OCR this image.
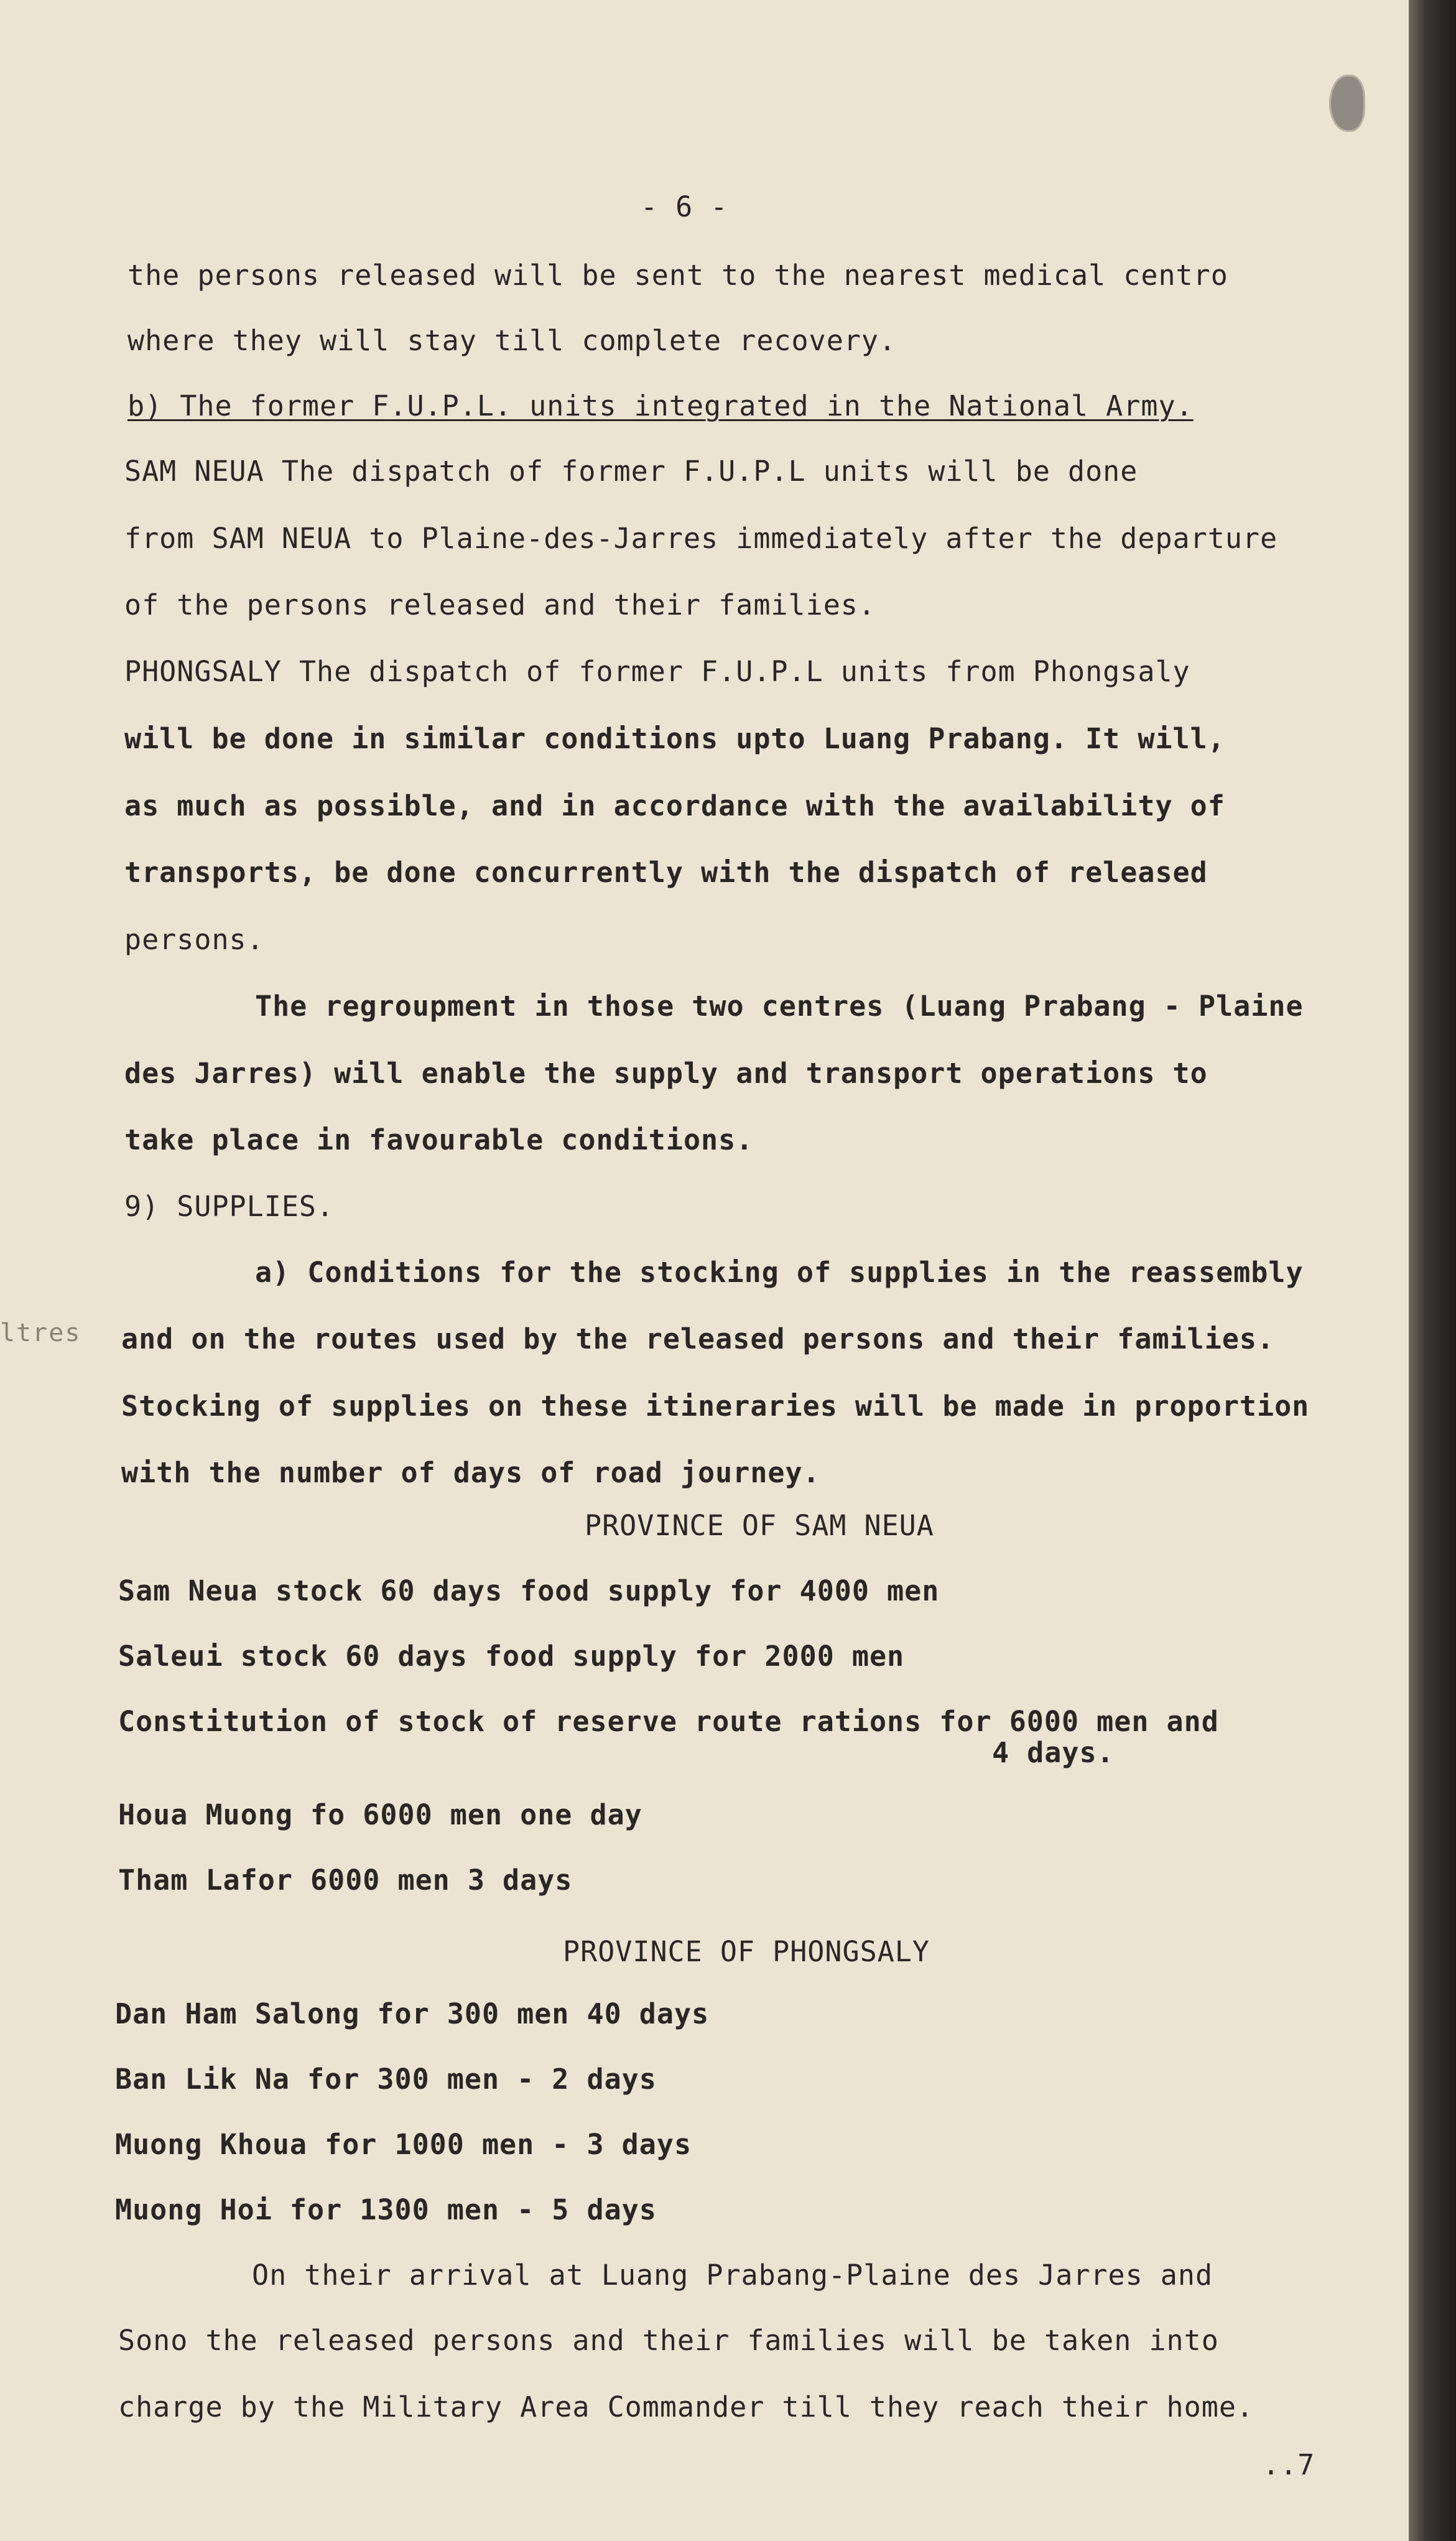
ltres
- 6 -
the persons released will be sent to the nearest medical centro
where they will stay till complete recovery.
b) The former F.U.P.L. units integrated in the National Army.
SAM NEUA The dispatch of former F.U.P.L units will be done
from SAM NEUA to Plaine-des-Jarres immediately after the departure
of the persons released and their families.
PHONGSALY The dispatch of former F.U.P.L units from Phongsaly
will be done in similar conditions upto Luang Prabang. It will,
as much as possible, and in accordance with the availability of
transports, be done concurrently with the dispatch of released
persons.
The regroupment in those two centres (Luang Prabang - Plaine
des Jarres) will enable the supply and transport operations to
take place in favourable conditions.
9) SUPPLIES.
a) Conditions for the stocking of supplies in the reassembly
and on the routes used by the released persons and their families.
Stocking of supplies on these itineraries will be made in proportion
with the number of days of road journey.
PROVINCE OF SAM NEUA
Sam Neua stock 60 days food supply for 4000 men
Saleui stock 60 days food supply for 2000 men
Constitution of stock of reserve route rations for 6000 men and
4 days.
Houa Muong fo 6000 men one day
Tham Lafor 6000 men 3 days
PROVINCE OF PHONGSALY
Dan Ham Salong for 300 men 40 days
Ban Lik Na for 300 men - 2 days
Muong Khoua for 1000 men - 3 days
Muong Hoi for 1300 men - 5 days
On their arrival at Luang Prabang-Plaine des Jarres and
Sono the released persons and their families will be taken into
charge by the Military Area Commander till they reach their home.
..7
